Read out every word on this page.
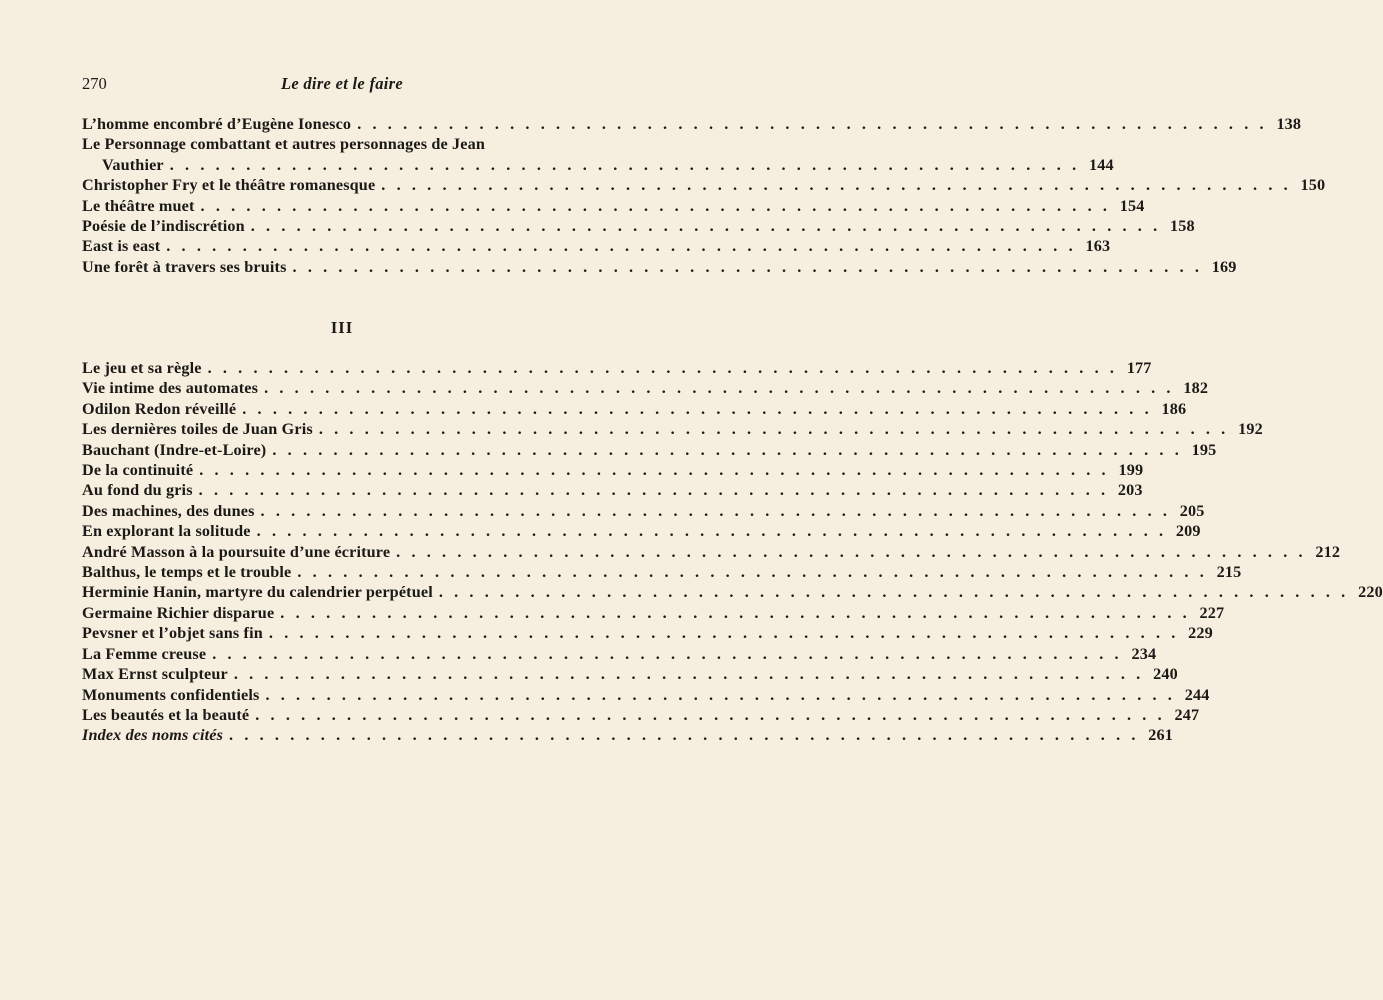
270	Le dire et le faire
L’homme encombré d’Eugène Ionesco . . . . . . . . . . . . . . . . . . . . . . . . . . . . . . . . . . . . . . . . . . . . . . . . . . . . . . . . . . . . 138
Le Personnage combattant et autres personnages de Jean
Vauthier . . . . . . . . . . . . . . . . . . . . . . . . . . . . . . . . . . . . . . . . . . . . . . . . . . . . . . . . . . . . 144
Christopher Fry et le théâtre romanesque . . . . . . . . . . . . . . . . . . . . . . . . . . . . . . . . . . . . . . . . . . . . . . . . . . . . . . . . . . . . 150
Le théâtre muet . . . . . . . . . . . . . . . . . . . . . . . . . . . . . . . . . . . . . . . . . . . . . . . . . . . . . . . . . . . . 154
Poésie de l’indiscrétion . . . . . . . . . . . . . . . . . . . . . . . . . . . . . . . . . . . . . . . . . . . . . . . . . . . . . . . . . . . . 158
East is east . . . . . . . . . . . . . . . . . . . . . . . . . . . . . . . . . . . . . . . . . . . . . . . . . . . . . . . . . . . . 163
Une forêt à travers ses bruits . . . . . . . . . . . . . . . . . . . . . . . . . . . . . . . . . . . . . . . . . . . . . . . . . . . . . . . . . . . . 169
III
Le jeu et sa règle . . . . . . . . . . . . . . . . . . . . . . . . . . . . . . . . . . . . . . . . . . . . . . . . . . . . . . . . . . . . 177
Vie intime des automates . . . . . . . . . . . . . . . . . . . . . . . . . . . . . . . . . . . . . . . . . . . . . . . . . . . . . . . . . . . . 182
Odilon Redon réveillé . . . . . . . . . . . . . . . . . . . . . . . . . . . . . . . . . . . . . . . . . . . . . . . . . . . . . . . . . . . . 186
Les dernières toiles de Juan Gris . . . . . . . . . . . . . . . . . . . . . . . . . . . . . . . . . . . . . . . . . . . . . . . . . . . . . . . . . . . . 192
Bauchant (Indre-et-Loire) . . . . . . . . . . . . . . . . . . . . . . . . . . . . . . . . . . . . . . . . . . . . . . . . . . . . . . . . . . . . 195
De la continuité . . . . . . . . . . . . . . . . . . . . . . . . . . . . . . . . . . . . . . . . . . . . . . . . . . . . . . . . . . . . 199
Au fond du gris . . . . . . . . . . . . . . . . . . . . . . . . . . . . . . . . . . . . . . . . . . . . . . . . . . . . . . . . . . . . 203
Des machines, des dunes . . . . . . . . . . . . . . . . . . . . . . . . . . . . . . . . . . . . . . . . . . . . . . . . . . . . . . . . . . . . 205
En explorant la solitude . . . . . . . . . . . . . . . . . . . . . . . . . . . . . . . . . . . . . . . . . . . . . . . . . . . . . . . . . . . . 209
André Masson à la poursuite d’une écriture . . . . . . . . . . . . . . . . . . . . . . . . . . . . . . . . . . . . . . . . . . . . . . . . . . . . . . . . . . . . 212
Balthus, le temps et le trouble . . . . . . . . . . . . . . . . . . . . . . . . . . . . . . . . . . . . . . . . . . . . . . . . . . . . . . . . . . . . 215
Herminie Hanin, martyre du calendrier perpétuel . . . . . . . . . . . . . . . . . . . . . . . . . . . . . . . . . . . . . . . . . . . . . . . . . . . . . . . . . . . . 220
Germaine Richier disparue . . . . . . . . . . . . . . . . . . . . . . . . . . . . . . . . . . . . . . . . . . . . . . . . . . . . . . . . . . . . 227
Pevsner et l’objet sans fin . . . . . . . . . . . . . . . . . . . . . . . . . . . . . . . . . . . . . . . . . . . . . . . . . . . . . . . . . . . . 229
La Femme creuse . . . . . . . . . . . . . . . . . . . . . . . . . . . . . . . . . . . . . . . . . . . . . . . . . . . . . . . . . . . . 234
Max Ernst sculpteur . . . . . . . . . . . . . . . . . . . . . . . . . . . . . . . . . . . . . . . . . . . . . . . . . . . . . . . . . . . . 240
Monuments confidentiels . . . . . . . . . . . . . . . . . . . . . . . . . . . . . . . . . . . . . . . . . . . . . . . . . . . . . . . . . . . . 244
Les beautés et la beauté . . . . . . . . . . . . . . . . . . . . . . . . . . . . . . . . . . . . . . . . . . . . . . . . . . . . . . . . . . . . 247
Index des noms cités . . . . . . . . . . . . . . . . . . . . . . . . . . . . . . . . . . . . . . . . . . . . . . . . . . . . . . . . . . . . 261
